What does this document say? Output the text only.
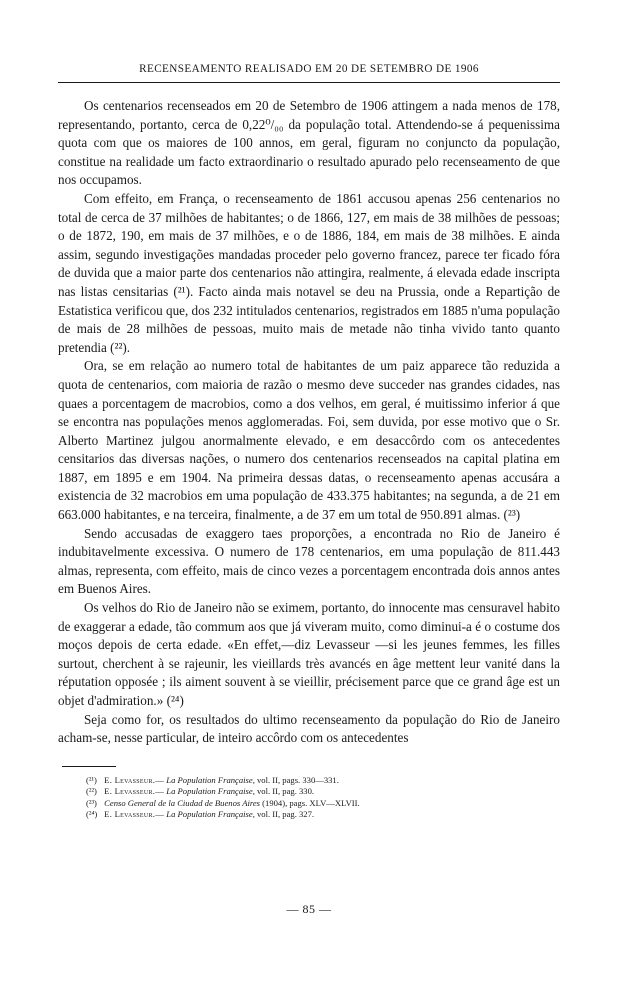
RECENSEAMENTO REALISADO EM 20 DE SETEMBRO DE 1906

Os centenarios recenseados em 20 de Setembro de 1906 attingem a nada menos de 178, representando, portanto, cerca de 0,22⁰/₀₀ da população total. Attendendo-se á pequenissima quota com que os maiores de 100 annos, em geral, figuram no conjuncto da população, constitue na realidade um facto extraordinario o resultado apurado pelo recenseamento de que nos occupamos.

Com effeito, em França, o recenseamento de 1861 accusou apenas 256 centenarios no total de cerca de 37 milhões de habitantes; o de 1866, 127, em mais de 38 milhões de pessoas; o de 1872, 190, em mais de 37 milhões, e o de 1886, 184, em mais de 38 milhões. E ainda assim, segundo investigações mandadas proceder pelo governo francez, parece ter ficado fóra de duvida que a maior parte dos centenarios não attingira, realmente, á elevada edade inscripta nas listas censitarias (²¹). Facto ainda mais notavel se deu na Prussia, onde a Repartição de Estatistica verificou que, dos 232 intitulados centenarios, registrados em 1885 n'uma população de mais de 28 milhões de pessoas, muito mais de metade não tinha vivido tanto quanto pretendia (²²).

Ora, se em relação ao numero total de habitantes de um paiz apparece tão reduzida a quota de centenarios, com maioria de razão o mesmo deve succeder nas grandes cidades, nas quaes a porcentagem de macrobios, como a dos velhos, em geral, é muitissimo inferior á que se encontra nas populações menos agglomeradas. Foi, sem duvida, por esse motivo que o Sr. Alberto Martinez julgou anormalmente elevado, e em desaccôrdo com os antecedentes censitarios das diversas nações, o numero dos centenarios recenseados na capital platina em 1887, em 1895 e em 1904. Na primeira dessas datas, o recenseamento apenas accusára a existencia de 32 macrobios em uma população de 433.375 habitantes; na segunda, a de 21 em 663.000 habitantes, e na terceira, finalmente, a de 37 em um total de 950.891 almas. (²³)

Sendo accusadas de exaggero taes proporções, a encontrada no Rio de Janeiro é indubitavelmente excessiva. O numero de 178 centenarios, em uma população de 811.443 almas, representa, com effeito, mais de cinco vezes a porcentagem encontrada dois annos antes em Buenos Aires.

Os velhos do Rio de Janeiro não se eximem, portanto, do innocente mas censuravel habito de exaggerar a edade, tão commum aos que já viveram muito, como diminui-a é o costume dos moços depois de certa edade. «En effet,—diz Levasseur —si les jeunes femmes, les filles surtout, cherchent à se rajeunir, les vieillards très avancés en âge mettent leur vanité dans la réputation opposée ; ils aiment souvent à se vieillir, précisement parce que ce grand âge est un objet d'admiration.» (²⁴)

Seja como for, os resultados do ultimo recenseamento da população do Rio de Janeiro acham-se, nesse particular, de inteiro accôrdo com os antecedentes

(²¹) E. Levasseur.— La Population Française, vol. II, pags. 330—331.
(²²) E. Levasseur.— La Population Française, vol. II, pag. 330.
(²³) Censo General de la Ciudad de Buenos Aires (1904), pags. XLV—XLVII.
(²⁴) E. Levasseur.— La Population Française, vol. II, pag. 327.
— 85 —
